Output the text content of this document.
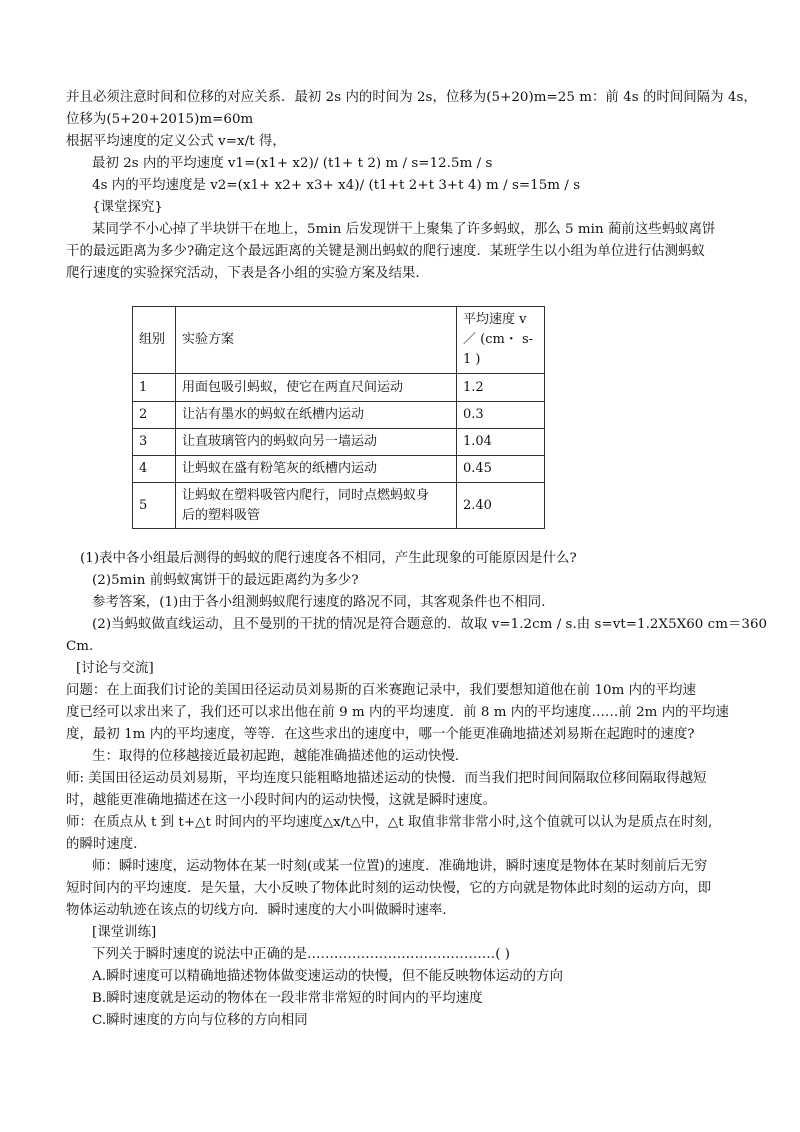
并且必须注意时间和位移的对应关系．最初 2s 内的时间为 2s，位移为(5+20)m=25 m：前 4s 的时间间隔为 4s，
位移为(5+20+2015)m=60m
根据平均速度的定义公式 v=x/t 得，
最初 2s 内的平均速度 v1=(x1+ x2)/ (t1+ t 2) m / s=12.5m / s
4s 内的平均速度是 v2=(x1+ x2+ x3+ x4)/ (t1+t 2+t 3+t 4) m / s=15m / s
{课堂探究}
某同学不小心掉了半块饼干在地上，5min 后发现饼干上聚集了许多蚂蚁，那么 5 min 蔺前这些蚂蚁离饼
干的最远距离为多少?确定这个最远距离的关键是测出蚂蚁的爬行速度．某班学生以小组为单位进行估测蚂蚁
爬行速度的实验探究活动，下表是各小组的实验方案及结果．
组别	实验方案	平均速度 v
／ (cm・ s-
1 )

1	用面包吸引蚂蚁，使它在两直尺间运动	1.2
2	让沾有墨水的蚂蚁在纸槽内运动	0.3
3	让直玻璃管内的蚂蚁向另一墙运动	1.04
4	让蚂蚁在盛有粉笔灰的纸槽内运动	0.45
5	让蚂蚁在塑料吸管内爬行，同时点燃蚂蚁身
后的塑料吸管	2.40
(1)表中各小组最后测得的蚂蚁的爬行速度各不相同，产生此现象的可能原因是什么?
(2)5min 前蚂蚁寓饼干的最远距离约为多少?
参考答案，(1)由于各小组测蚂蚁爬行速度的路况不同，其客观条件也不相同．
(2)当蚂蚁做直线运动，且不曼别的干扰的情况是符合题意的．故取 v=1.2cm / s.由 s=vt=1.2X5X60 cm＝360
Cm.
[讨论与交流]
问题：在上面我们讨论的美国田径运动员刘易斯的百米赛跑记录中，我们要想知道他在前 10m 内的平均速
度已经可以求出来了，我们还可以求出他在前 9 m 内的平均速度．前 8 m 内的平均速度……前 2m 内的平均速
度，最初 1m 内的平均速度，等等．在这些求出的速度中，哪一个能更准确地描述刘易斯在起跑时的速度?
生：取得的位移越接近最初起跑，越能准确描述他的运动快慢．
师: 美国田径运动员刘易斯，平均连度只能粗略地描述运动的快慢．而当我们把时间间隔取位移间隔取得越短
时，越能更准确地描述在这一小段时间内的运动快慢，这就是瞬时速度。
师：在质点从 t 到 t+△t 时间内的平均速度△x/t△中，△t 取值非常非常小时,这个值就可以认为是质点在时刻,
的瞬时速度．
师：瞬时速度，运动物体在某一时刻(或某一位置)的速度．准确地讲，瞬时速度是物体在某时刻前后无穷
短时间内的平均速度．是矢量，大小反映了物体此时刻的运动快慢，它的方向就是物体此时刻的运动方向，即
物体运动轨迹在该点的切线方向．瞬时速度的大小叫做瞬时速率．
[课堂训练]
下列关于瞬时速度的说法中正确的是……………………………………( )
A.瞬时速度可以精确地描述物体做变速运动的快慢，但不能反映物体运动的方向
B.瞬时速度就是运动的物体在一段非常非常短的时间内的平均速度
C.瞬时速度的方向与位移的方向相同
